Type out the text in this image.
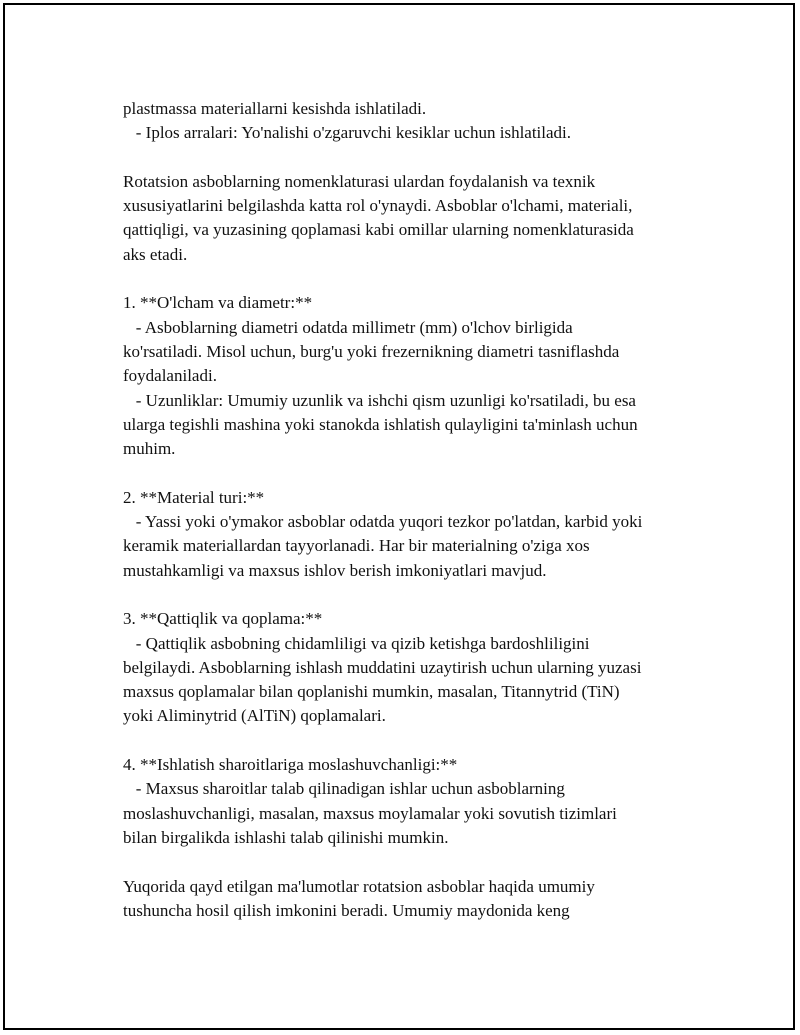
plastmassa materiallarni kesishda ishlatiladi.
- Iplos arralari: Yo'nalishi o'zgaruvchi kesiklar uchun ishlatiladi.
Rotatsion asboblarning nomenklaturasi ulardan foydalanish va texnik
xususiyatlarini belgilashda katta rol o'ynaydi. Asboblar o'lchami, materiali,
qattiqligi, va yuzasining qoplamasi kabi omillar ularning nomenklaturasida
aks etadi.
1. **O'lcham va diametr:**
- Asboblarning diametri odatda millimetr (mm) o'lchov birligida
ko'rsatiladi. Misol uchun, burg'u yoki frezernikning diametri tasniflashda
foydalaniladi.
- Uzunliklar: Umumiy uzunlik va ishchi qism uzunligi ko'rsatiladi, bu esa
ularga tegishli mashina yoki stanokda ishlatish qulayligini ta'minlash uchun
muhim.
2. **Material turi:**
- Yassi yoki o'ymakor asboblar odatda yuqori tezkor po'latdan, karbid yoki
keramik materiallardan tayyorlanadi. Har bir materialning o'ziga xos
mustahkamligi va maxsus ishlov berish imkoniyatlari mavjud.
3. **Qattiqlik va qoplama:**
- Qattiqlik asbobning chidamliligi va qizib ketishga bardoshliligini
belgilaydi. Asboblarning ishlash muddatini uzaytirish uchun ularning yuzasi
maxsus qoplamalar bilan qoplanishi mumkin, masalan, Titannytrid (TiN)
yoki Aliminytrid (AlTiN) qoplamalari.
4. **Ishlatish sharoitlariga moslashuvchanligi:**
- Maxsus sharoitlar talab qilinadigan ishlar uchun asboblarning
moslashuvchanligi, masalan, maxsus moylamalar yoki sovutish tizimlari
bilan birgalikda ishlashi talab qilinishi mumkin.
Yuqorida qayd etilgan ma'lumotlar rotatsion asboblar haqida umumiy
tushuncha hosil qilish imkonini beradi. Umumiy maydonida keng
